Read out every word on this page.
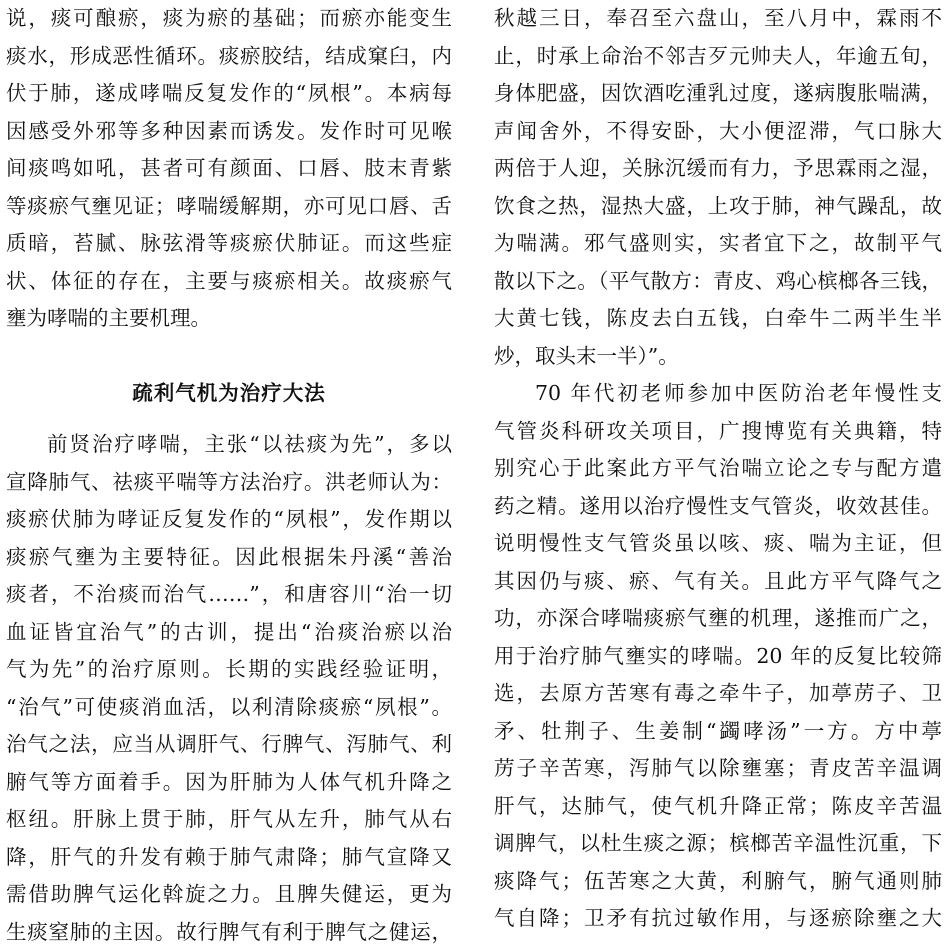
说，痰可酿瘀，痰为瘀的基础；而瘀亦能变生
痰水，形成恶性循环。痰瘀胶结，结成窠臼，内
伏于肺，遂成哮喘反复发作的“夙根”。本病每
因感受外邪等多种因素而诱发。发作时可见喉
间痰鸣如吼，甚者可有颜面、口唇、肢末青紫
等痰瘀气壅见证；哮喘缓解期，亦可见口唇、舌
质暗，苔腻、脉弦滑等痰瘀伏肺证。而这些症
状、体征的存在，主要与痰瘀相关。故痰瘀气
壅为哮喘的主要机理。
疏利气机为治疗大法
前贤治疗哮喘，主张“以祛痰为先”，多以
宣降肺气、祛痰平喘等方法治疗。洪老师认为：
痰瘀伏肺为哮证反复发作的“夙根”，发作期以
痰瘀气壅为主要特征。因此根据朱丹溪“善治
痰者，不治痰而治气……”，和唐容川“治一切
血证皆宜治气”的古训，提出“治痰治瘀以治
气为先”的治疗原则。长期的实践经验证明，
“治气”可使痰消血活，以利清除痰瘀“夙根”。
治气之法，应当从调肝气、行脾气、泻肺气、利
腑气等方面着手。因为肝肺为人体气机升降之
枢纽。肝脉上贯于肺，肝气从左升，肺气从右
降，肝气的升发有赖于肺气肃降；肺气宣降又
需借助脾气运化斡旋之力。且脾失健运，更为
生痰窒肺的主因。故行脾气有利于脾气之健运，
秋越三日，奉召至六盘山，至八月中，霖雨不
止，时承上命治不邻吉歹元帅夫人，年逾五旬，
身体肥盛，因饮酒吃湩乳过度，遂病腹胀喘满，
声闻舍外，不得安卧，大小便涩滞，气口脉大
两倍于人迎，关脉沉缓而有力，予思霖雨之湿，
饮食之热，湿热大盛，上攻于肺，神气躁乱，故
为喘满。邪气盛则实，实者宜下之，故制平气
散以下之。（平气散方：青皮、鸡心槟榔各三钱，
大黄七钱，陈皮去白五钱，白牵牛二两半生半
炒，取头末一半）”。
70 年代初老师参加中医防治老年慢性支
气管炎科研攻关项目，广搜博览有关典籍，特
别究心于此案此方平气治喘立论之专与配方遣
药之精。遂用以治疗慢性支气管炎，收效甚佳。
说明慢性支气管炎虽以咳、痰、喘为主证，但
其因仍与痰、瘀、气有关。且此方平气降气之
功，亦深合哮喘痰瘀气壅的机理，遂推而广之，
用于治疗肺气壅实的哮喘。20 年的反复比较筛
选，去原方苦寒有毒之牵牛子，加葶苈子、卫
矛、牡荆子、生姜制“蠲哮汤”一方。方中葶
苈子辛苦寒，泻肺气以除壅塞；青皮苦辛温调
肝气，达肺气，使气机升降正常；陈皮辛苦温
调脾气，以杜生痰之源；槟榔苦辛温性沉重，下
痰降气；伍苦寒之大黄，利腑气，腑气通则肺
气自降；卫矛有抗过敏作用，与逐瘀除壅之大
